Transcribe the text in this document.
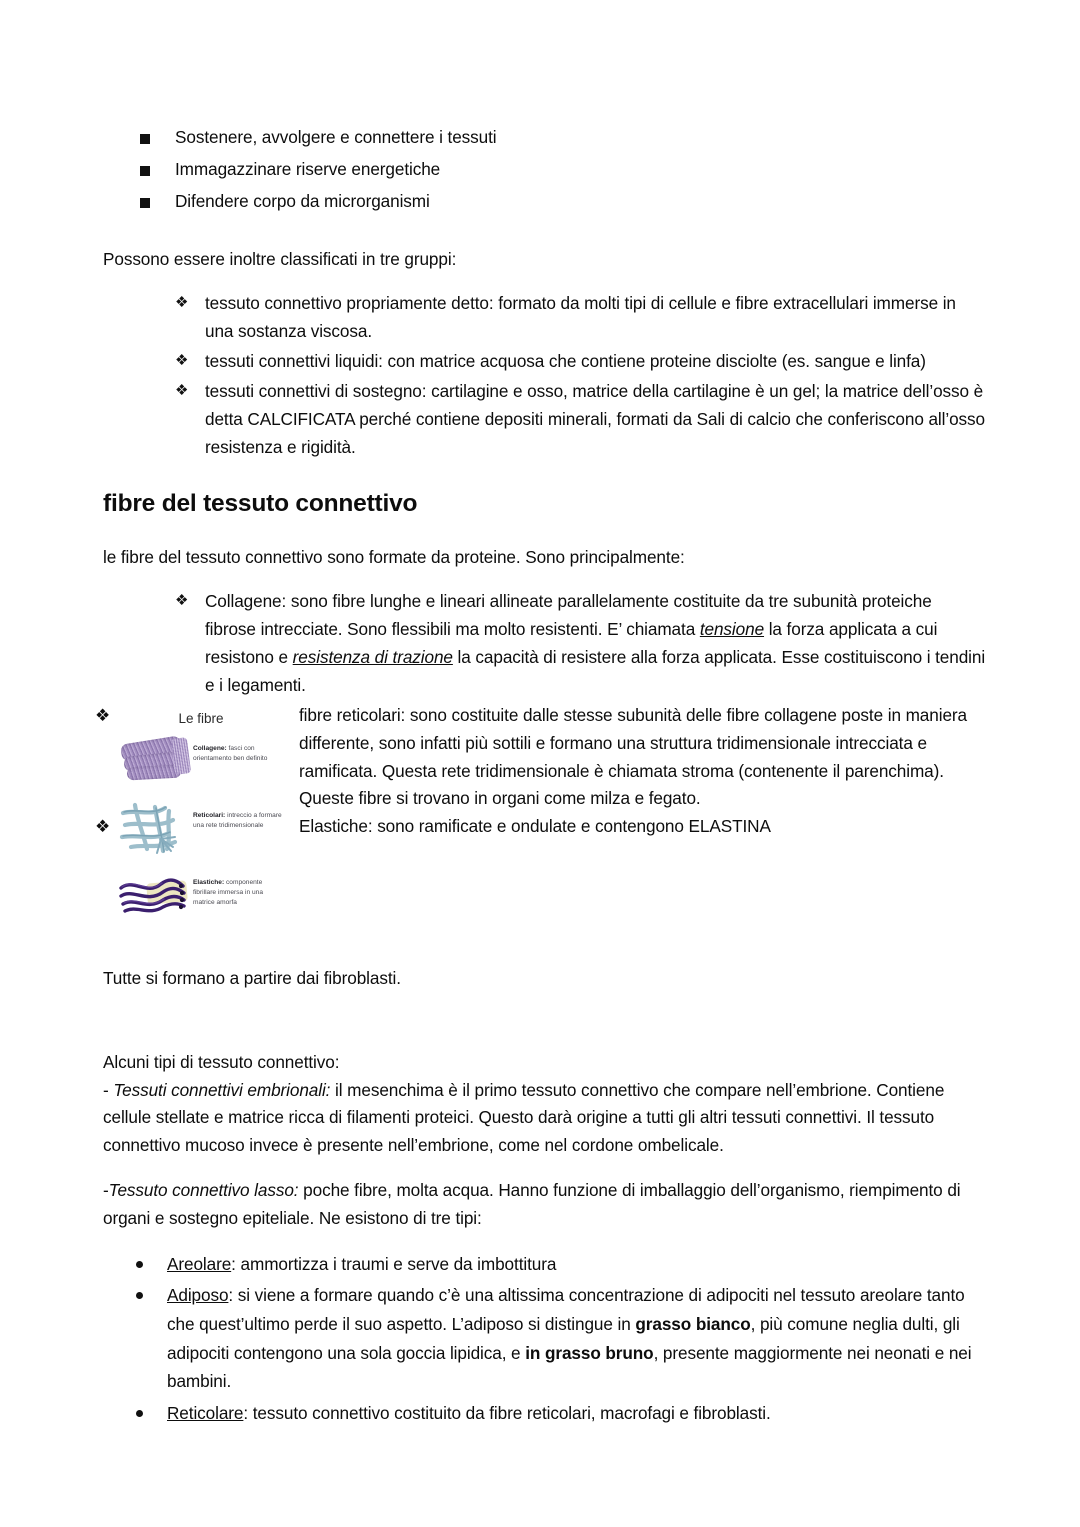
Sostenere, avvolgere e connettere i tessuti
Immagazzinare riserve energetiche
Difendere corpo da microrganismi

Possono essere inoltre classificati in tre gruppi:

❖ tessuto connettivo propriamente detto: formato da molti tipi di cellule e fibre extracellulari immerse in una sostanza viscosa.
❖ tessuti connettivi liquidi: con matrice acquosa che contiene proteine disciolte (es. sangue e linfa)
❖ tessuti connettivi di sostegno: cartilagine e osso, matrice della cartilagine è un gel; la matrice dell’osso è detta CALCIFICATA perché contiene depositi minerali, formati da Sali di calcio che conferiscono all’osso resistenza e rigidità.
fibre del tessuto connettivo

le fibre del tessuto connettivo sono formate da proteine. Sono principalmente:

❖ Collagene: sono fibre lunghe e lineari allineate parallelamente costituite da tre subunità proteiche fibrose intrecciate. Sono flessibili ma molto resistenti. E’ chiamata tensione la forza applicata a cui resistono e resistenza di trazione la capacità di resistere alla forza applicata. Esse costituiscono i tendini e i legamenti.
Le fibre
Collagene: fasci con orientamento ben definito
Reticolari: intreccio a formare una rete tridimensionale
Elastiche: componente fibrillare immersa in una matrice amorfa

❖	fibre reticolari: sono costituite dalle stesse subunità delle fibre collagene poste in maniera differente, sono infatti più sottili e formano una struttura tridimensionale intrecciata e ramificata. Questa rete tridimensionale è chiamata stroma (contenente il parenchima). Queste fibre si trovano in organi come milza e fegato.

❖	Elastiche: sono ramificate e ondulate e contengono ELASTINA

Tutte si formano a partire dai fibroblasti.

Alcuni tipi di tessuto connettivo:

- Tessuti connettivi embrionali: il mesenchima è il primo tessuto connettivo che compare nell’embrione. Contiene cellule stellate e matrice ricca di filamenti proteici. Questo darà origine a tutti gli altri tessuti connettivi. Il tessuto connettivo mucoso invece è presente nell’embrione, come nel cordone ombelicale.

-Tessuto connettivo lasso: poche fibre, molta acqua. Hanno funzione di imballaggio dell’organismo, riempimento di organi e sostegno epiteliale. Ne esistono di tre tipi:

Areolare: ammortizza i traumi e serve da imbottitura
Adiposo: si viene a formare quando c’è una altissima concentrazione di adipociti nel tessuto areolare tanto che quest’ultimo perde il suo aspetto. L’adiposo si distingue in grasso bianco, più comune neglia dulti, gli adipociti contengono una sola goccia lipidica, e in grasso bruno, presente maggiormente nei neonati e nei bambini.
Reticolare: tessuto connettivo costituito da fibre reticolari, macrofagi e fibroblasti.
